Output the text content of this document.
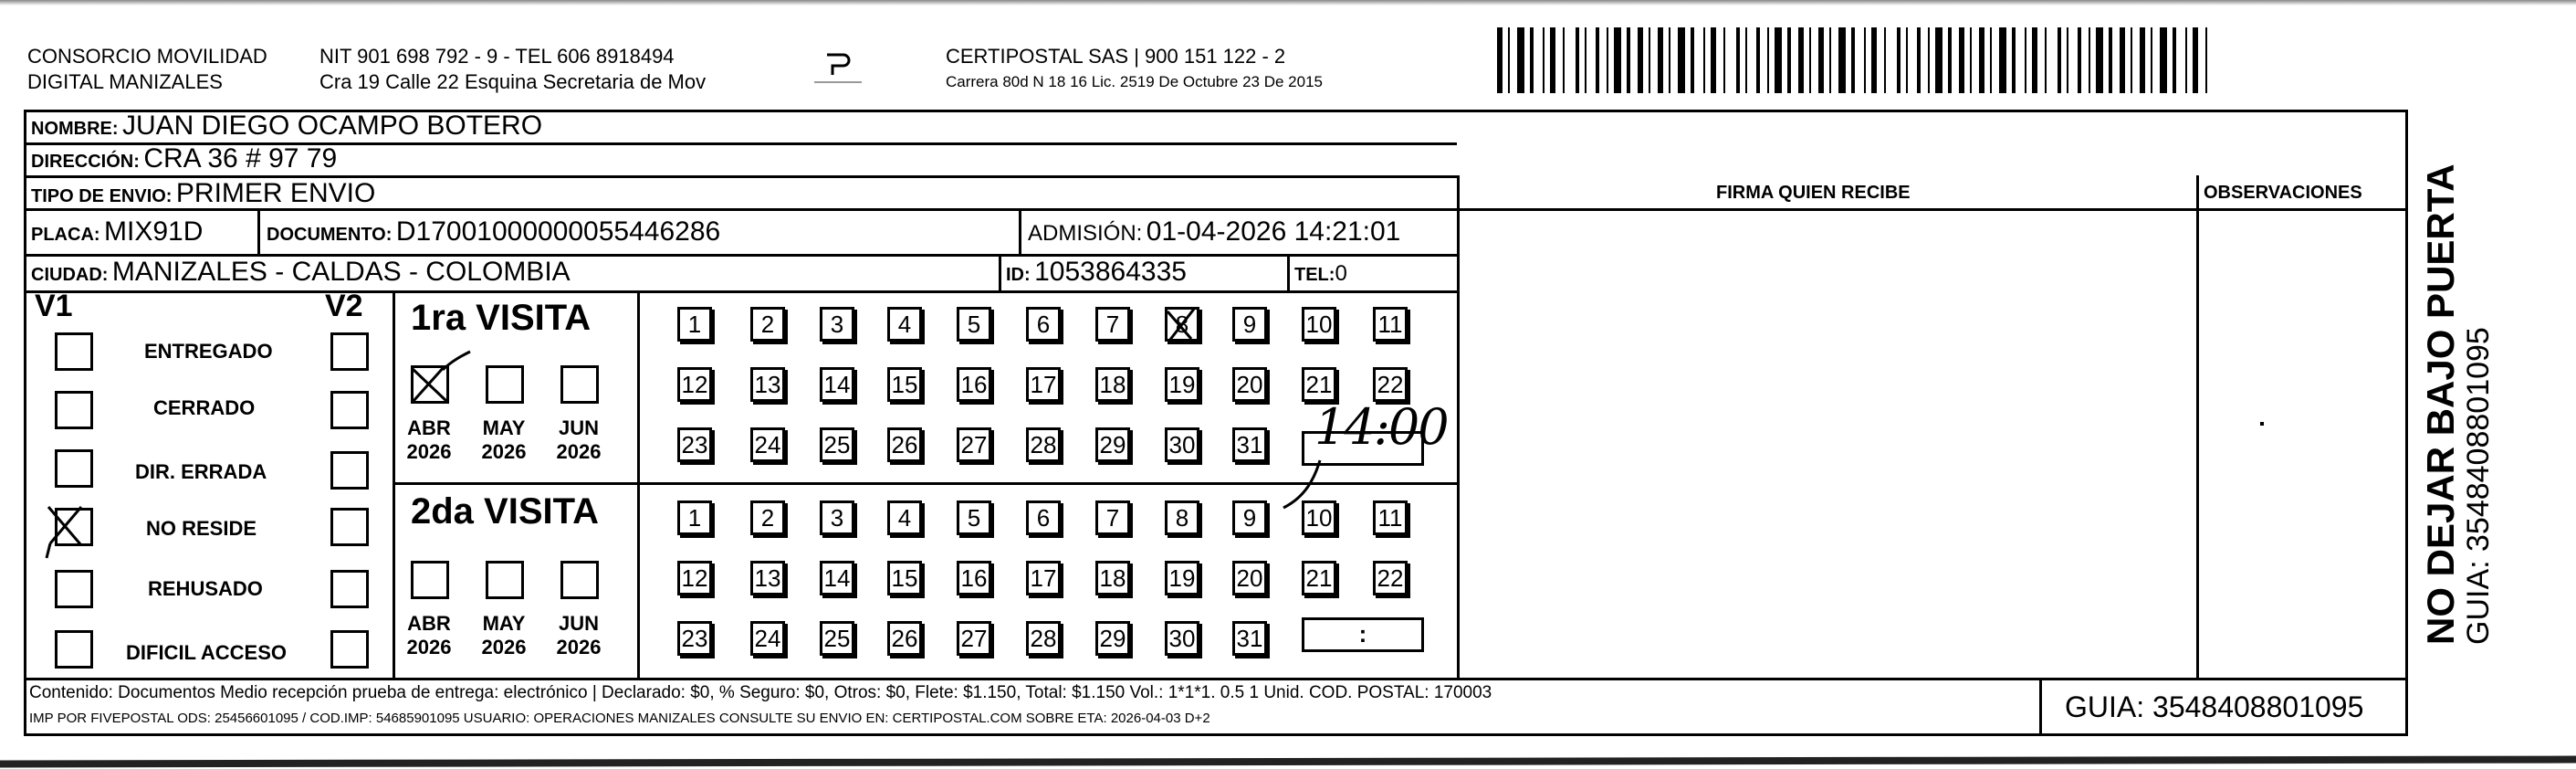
CONSORCIO MOVILIDAD
DIGITAL MANIZALES
NIT 901 698 792 - 9 - TEL 606 8918494
Cra 19 Calle 22 Esquina Secretaria de Mov
CERTIPOSTAL SAS | 900 151 122 - 2
Carrera 80d N 18 16 Lic. 2519 De Octubre 23 De 2015
NOMBRE: JUAN DIEGO OCAMPO BOTERO
DIRECCIÓN: CRA 36 # 97 79
TIPO DE ENVIO: PRIMER ENVIO
PLACA: MIX91D	DOCUMENTO: D17001000000055446286	ADMISIÓN: 01-04-2026 14:21:01
CIUDAD: MANIZALES - CALDAS - COLOMBIA	ID: 1053864335	TEL:0
FIRMA QUIEN RECIBE	OBSERVACIONES
V1	V2
ENTREGADO
CERRADO
DIR. ERRADA
NO RESIDE
REHUSADO
DIFICIL ACCESO
1ra VISITA
2da VISITA
ABR
2026
MAY
2026
JUN
2026
ABR
2026
MAY
2026
JUN
2026
1	2	3	4	5	6	7	8	9	10 11
12 13 14 15 16 17 18 19 20 21 22
23 24 25 26 27 28 29 30 31
1	2	3	4	5	6	7	8	9	10 11
12 13 14 15 16 17 18 19 20 21 22
23 24 25 26 27 28 29 30 31
14:00
:
Contenido: Documentos Medio recepción prueba de entrega: electrónico | Declarado: $0, % Seguro: $0, Otros: $0, Flete: $1.150, Total: $1.150 Vol.: 1*1*1. 0.5 1 Unid. COD. POSTAL: 170003
IMP POR FIVEPOSTAL ODS: 25456601095 / COD.IMP: 54685901095 USUARIO: OPERACIONES MANIZALES CONSULTE SU ENVIO EN: CERTIPOSTAL.COM SOBRE ETA: 2026-04-03 D+2	GUIA: 3548408801095
NO DEJAR BAJO PUERTA GUIA: 3548408801095
